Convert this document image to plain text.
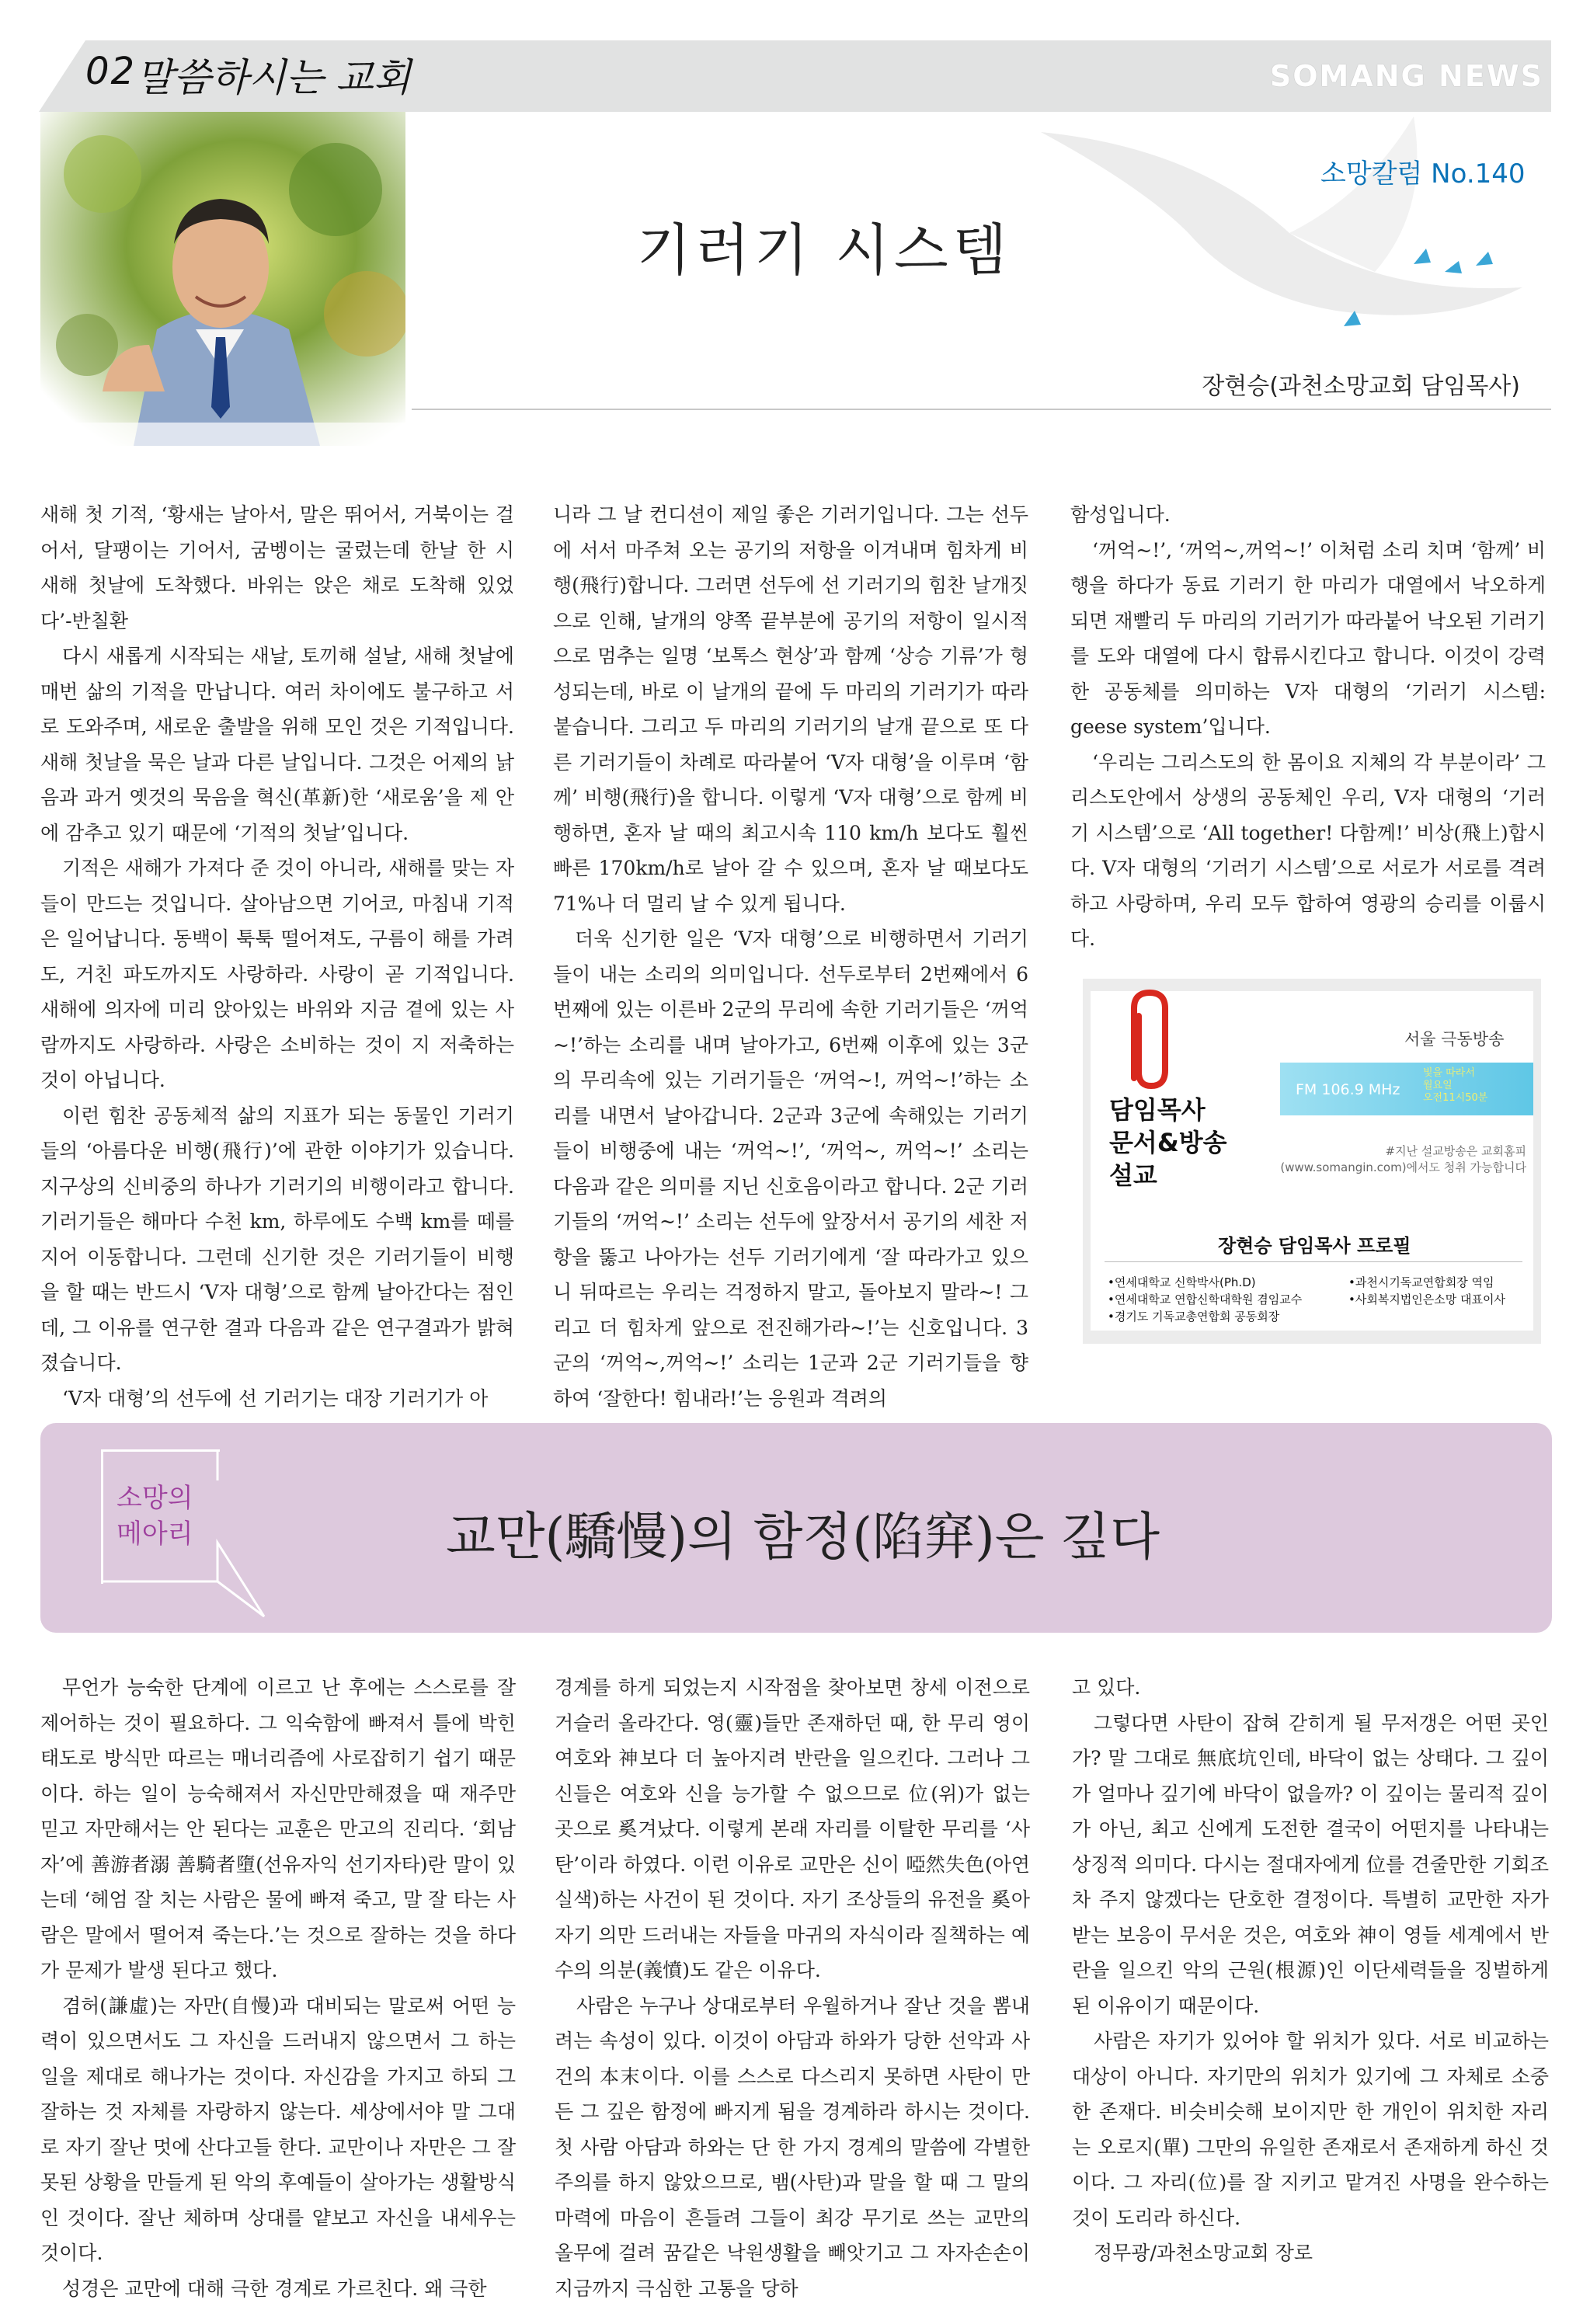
02 말씀하시는 교회	SOMANG NEWS
소망칼럼 No.140
기러기 시스템
장현승(과천소망교회 담임목사)

새해 첫 기적, ‘황새는 날아서, 말은 뛰어서, 거북이는 걸어서, 달팽이는 기어서, 굼벵이는 굴렀는데 한날 한 시 새해 첫날에 도착했다. 바위는 앉은 채로 도착해 있었다’-반칠환

다시 새롭게 시작되는 새날, 토끼해 설날, 새해 첫날에 매번 삶의 기적을 만납니다. 여러 차이에도 불구하고 서로 도와주며, 새로운 출발을 위해 모인 것은 기적입니다. 새해 첫날을 묵은 날과 다른 날입니다. 그것은 어제의 낡음과 과거 옛것의 묵음을 혁신(革新)한 ‘새로움’을 제 안에 감추고 있기 때문에 ‘기적의 첫날’입니다.

기적은 새해가 가져다 준 것이 아니라, 새해를 맞는 자들이 만드는 것입니다. 살아남으면 기어코, 마침내 기적은 일어납니다. 동백이 툭툭 떨어져도, 구름이 해를 가려도, 거친 파도까지도 사랑하라. 사랑이 곧 기적입니다. 새해에 의자에 미리 앉아있는 바위와 지금 곁에 있는 사람까지도 사랑하라. 사랑은 소비하는 것이 지 저축하는 것이 아닙니다.

이런 힘찬 공동체적 삶의 지표가 되는 동물인 기러기들의 ‘아름다운 비행(飛行)’에 관한 이야기가 있습니다. 지구상의 신비중의 하나가 기러기의 비행이라고 합니다. 기러기들은 해마다 수천 km, 하루에도 수백 km를 떼를 지어 이동합니다. 그런데 신기한 것은 기러기들이 비행을 할 때는 반드시 ‘V자 대형’으로 함께 날아간다는 점인데, 그 이유를 연구한 결과 다음과 같은 연구결과가 밝혀졌습니다.

‘V자 대형’의 선두에 선 기러기는 대장 기러기가 아

니라 그 날 컨디션이 제일 좋은 기러기입니다. 그는 선두에 서서 마주쳐 오는 공기의 저항을 이겨내며 힘차게 비행(飛行)합니다. 그러면 선두에 선 기러기의 힘찬 날개짓으로 인해, 날개의 양쪽 끝부분에 공기의 저항이 일시적으로 멈추는 일명 ‘보톡스 현상’과 함께 ‘상승 기류’가 형성되는데, 바로 이 날개의 끝에 두 마리의 기러기가 따라 붙습니다. 그리고 두 마리의 기러기의 날개 끝으로 또 다른 기러기들이 차례로 따라붙어 ‘V자 대형’을 이루며 ‘함께’ 비행(飛行)을 합니다. 이렇게 ‘V자 대형’으로 함께 비행하면, 혼자 날 때의 최고시속 110 km/h 보다도 훨씬 빠른 170km/h로 날아 갈 수 있으며, 혼자 날 때보다도 71%나 더 멀리 날 수 있게 됩니다.

더욱 신기한 일은 ‘V자 대형’으로 비행하면서 기러기들이 내는 소리의 의미입니다. 선두로부터 2번째에서 6번째에 있는 이른바 2군의 무리에 속한 기러기들은 ‘꺼억~!’하는 소리를 내며 날아가고, 6번째 이후에 있는 3군의 무리속에 있는 기러기들은 ‘꺼억~!, 꺼억~!’하는 소리를 내면서 날아갑니다. 2군과 3군에 속해있는 기러기들이 비행중에 내는 ‘꺼억~!’, ‘꺼억~, 꺼억~!’ 소리는 다음과 같은 의미를 지닌 신호음이라고 합니다. 2군 기러기들의 ‘꺼억~!’ 소리는 선두에 앞장서서 공기의 세찬 저항을 뚫고 나아가는 선두 기러기에게 ‘잘 따라가고 있으니 뒤따르는 우리는 걱정하지 말고, 돌아보지 말라~! 그리고 더 힘차게 앞으로 전진해가라~!’는 신호입니다. 3군의 ‘꺼억~,꺼억~!’ 소리는 1군과 2군 기러기들을 향하여 ‘잘한다! 힘내라!’는 응원과 격려의

함성입니다.

‘꺼억~!’, ‘꺼억~,꺼억~!’ 이처럼 소리 치며 ‘함께’ 비행을 하다가 동료 기러기 한 마리가 대열에서 낙오하게 되면 재빨리 두 마리의 기러기가 따라붙어 낙오된 기러기를 도와 대열에 다시 합류시킨다고 합니다. 이것이 강력한 공동체를 의미하는 V자 대형의 ‘기러기 시스템: geese system’입니다.

‘우리는 그리스도의 한 몸이요 지체의 각 부분이라’ 그리스도안에서 상생의 공동체인 우리, V자 대형의 ‘기러기 시스템’으로 ‘All together! 다함께!’ 비상(飛上)합시다. V자 대형의 ‘기러기 시스템’으로 서로가 서로를 격려하고 사랑하며, 우리 모두 합하여 영광의 승리를 이룹시다.

서울 극동방송
FM 106.9 MHz
빛을 따라서
월요일
오전11시50분
담임목사
문서&방송
설교
#지난 설교방송은 교회홈피
(www.somangin.com)에서도 청취 가능합니다
장현승 담임목사 프로필
•연세대학교 신학박사(Ph.D)
•연세대학교 연합신학대학원 겸임교수
•경기도 기독교총연합회 공동회장
•과천시기독교연합회장 역임
•사회복지법인은소망 대표이사
소망의
메아리	교만(驕慢)의 함정(陷穽)은 깊다

무언가 능숙한 단계에 이르고 난 후에는 스스로를 잘 제어하는 것이 필요하다. 그 익숙함에 빠져서 틀에 박힌 태도로 방식만 따르는 매너리즘에 사로잡히기 쉽기 때문이다. 하는 일이 능숙해져서 자신만만해졌을 때 재주만 믿고 자만해서는 안 된다는 교훈은 만고의 진리다. ‘회남자’에 善游者溺 善騎者墮(선유자익 선기자타)란 말이 있는데 ‘헤엄 잘 치는 사람은 물에 빠져 죽고, 말 잘 타는 사람은 말에서 떨어져 죽는다.’는 것으로 잘하는 것을 하다가 문제가 발생 된다고 했다.

겸허(謙虛)는 자만(自慢)과 대비되는 말로써 어떤 능력이 있으면서도 그 자신을 드러내지 않으면서 그 하는 일을 제대로 해나가는 것이다. 자신감을 가지고 하되 그 잘하는 것 자체를 자랑하지 않는다. 세상에서야 말 그대로 자기 잘난 멋에 산다고들 한다. 교만이나 자만은 그 잘못된 상황을 만들게 된 악의 후예들이 살아가는 생활방식인 것이다. 잘난 체하며 상대를 얕보고 자신을 내세우는 것이다.

성경은 교만에 대해 극한 경계로 가르친다. 왜 극한

경계를 하게 되었는지 시작점을 찾아보면 창세 이전으로 거슬러 올라간다. 영(靈)들만 존재하던 때, 한 무리 영이 여호와 神보다 더 높아지려 반란을 일으킨다. 그러나 그 신들은 여호와 신을 능가할 수 없으므로 位(위)가 없는 곳으로 奚겨났다. 이렇게 본래 자리를 이탈한 무리를 ‘사탄’이라 하였다. 이런 이유로 교만은 신이 啞然失色(아연실색)하는 사건이 된 것이다. 자기 조상들의 유전을 奚아 자기 의만 드러내는 자들을 마귀의 자식이라 질책하는 예수의 의분(義憤)도 같은 이유다.

사람은 누구나 상대로부터 우월하거나 잘난 것을 뽐내려는 속성이 있다. 이것이 아담과 하와가 당한 선악과 사건의 本末이다. 이를 스스로 다스리지 못하면 사탄이 만든 그 깊은 함정에 빠지게 됨을 경계하라 하시는 것이다. 첫 사람 아담과 하와는 단 한 가지 경계의 말씀에 각별한 주의를 하지 않았으므로, 뱀(사탄)과 말을 할 때 그 말의 마력에 마음이 흔들려 그들이 최강 무기로 쓰는 교만의 올무에 걸려 꿈같은 낙원생활을 빼앗기고 그 자자손손이 지금까지 극심한 고통을 당하

고 있다.

그렇다면 사탄이 잡혀 갇히게 될 무저갱은 어떤 곳인가? 말 그대로 無底坑인데, 바닥이 없는 상태다. 그 깊이가 얼마나 깊기에 바닥이 없을까? 이 깊이는 물리적 깊이가 아닌, 최고 신에게 도전한 결국이 어떤지를 나타내는 상징적 의미다. 다시는 절대자에게 位를 견줄만한 기회조차 주지 않겠다는 단호한 결정이다. 특별히 교만한 자가 받는 보응이 무서운 것은, 여호와 神이 영들 세계에서 반란을 일으킨 악의 근원(根源)인 이단세력들을 징벌하게 된 이유이기 때문이다.

사람은 자기가 있어야 할 위치가 있다. 서로 비교하는 대상이 아니다. 자기만의 위치가 있기에 그 자체로 소중한 존재다. 비슷비슷해 보이지만 한 개인이 위치한 자리는 오로지(單) 그만의 유일한 존재로서 존재하게 하신 것이다. 그 자리(位)를 잘 지키고 맡겨진 사명을 완수하는 것이 도리라 하신다.

정무광/과천소망교회 장로
